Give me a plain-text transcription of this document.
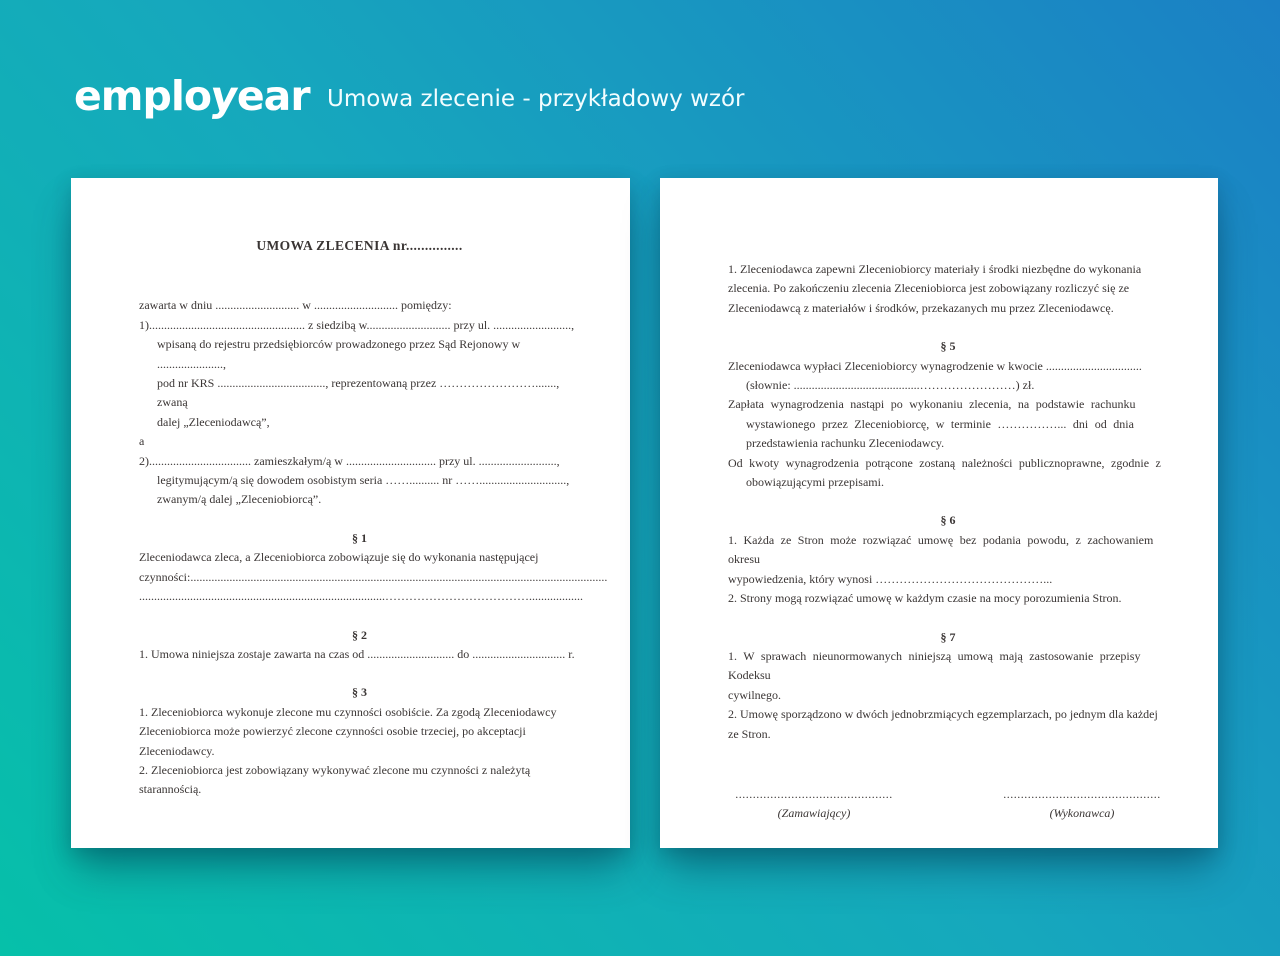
employear Umowa zlecenie - przykładowy wzór
UMOWA ZLECENIA nr...............
zawarta w dniu ............................ w ............................ pomiędzy:
1).................................................... z siedzibą w............................ przy ul. ..........................,
wpisaną do rejestru przedsiębiorców prowadzonego przez Sąd Rejonowy w ......................,
pod nr KRS ...................................., reprezentowaną przez ……………………......., zwaną
dalej „Zleceniodawcą”,
a
2).................................. zamieszkałym/ą w .............................. przy ul. ..........................,
legitymującym/ą się dowodem osobistym seria …….......... nr …….............................,
zwanym/ą dalej „Zleceniobiorcą”.
§ 1
Zleceniodawca zleca, a Zleceniobiorca zobowiązuje się do wykonania następującej
czynności:...........................................................................................................................................
..................................................................................………………………………..................
§ 2
1. Umowa niniejsza zostaje zawarta na czas od ............................. do ............................... r.
§ 3
1. Zleceniobiorca wykonuje zlecone mu czynności osobiście. Za zgodą Zleceniodawcy
Zleceniobiorca może powierzyć zlecone czynności osobie trzeciej, po akceptacji
Zleceniodawcy.
2. Zleceniobiorca jest zobowiązany wykonywać zlecone mu czynności z należytą
starannością.
1. Zleceniodawca zapewni Zleceniobiorcy materiały i środki niezbędne do wykonania
zlecenia. Po zakończeniu zlecenia Zleceniobiorca jest zobowiązany rozliczyć się ze
Zleceniodawcą z materiałów i środków, przekazanych mu przez Zleceniodawcę.
§ 5
Zleceniodawca wypłaci Zleceniobiorcy wynagrodzenie w kwocie ................................
(słownie: ..........................................……………………) zł.
Zapłata wynagrodzenia nastąpi po wykonaniu zlecenia, na podstawie rachunku
wystawionego przez Zleceniobiorcę, w terminie ……………... dni od dnia
przedstawienia rachunku Zleceniodawcy.
Od kwoty wynagrodzenia potrącone zostaną należności publicznoprawne, zgodnie z
obowiązującymi przepisami.
§ 6
1. Każda ze Stron może rozwiązać umowę bez podania powodu, z zachowaniem okresu
wypowiedzenia, który wynosi ……………………………………...
2. Strony mogą rozwiązać umowę w każdym czasie na mocy porozumienia Stron.
§ 7
1. W sprawach nieunormowanych niniejszą umową mają zastosowanie przepisy Kodeksu
cywilnego.
2. Umowę sporządzono w dwóch jednobrzmiących egzemplarzach, po jednym dla każdej
ze Stron.
.............................................
(Zamawiający)
.............................................
(Wykonawca)
